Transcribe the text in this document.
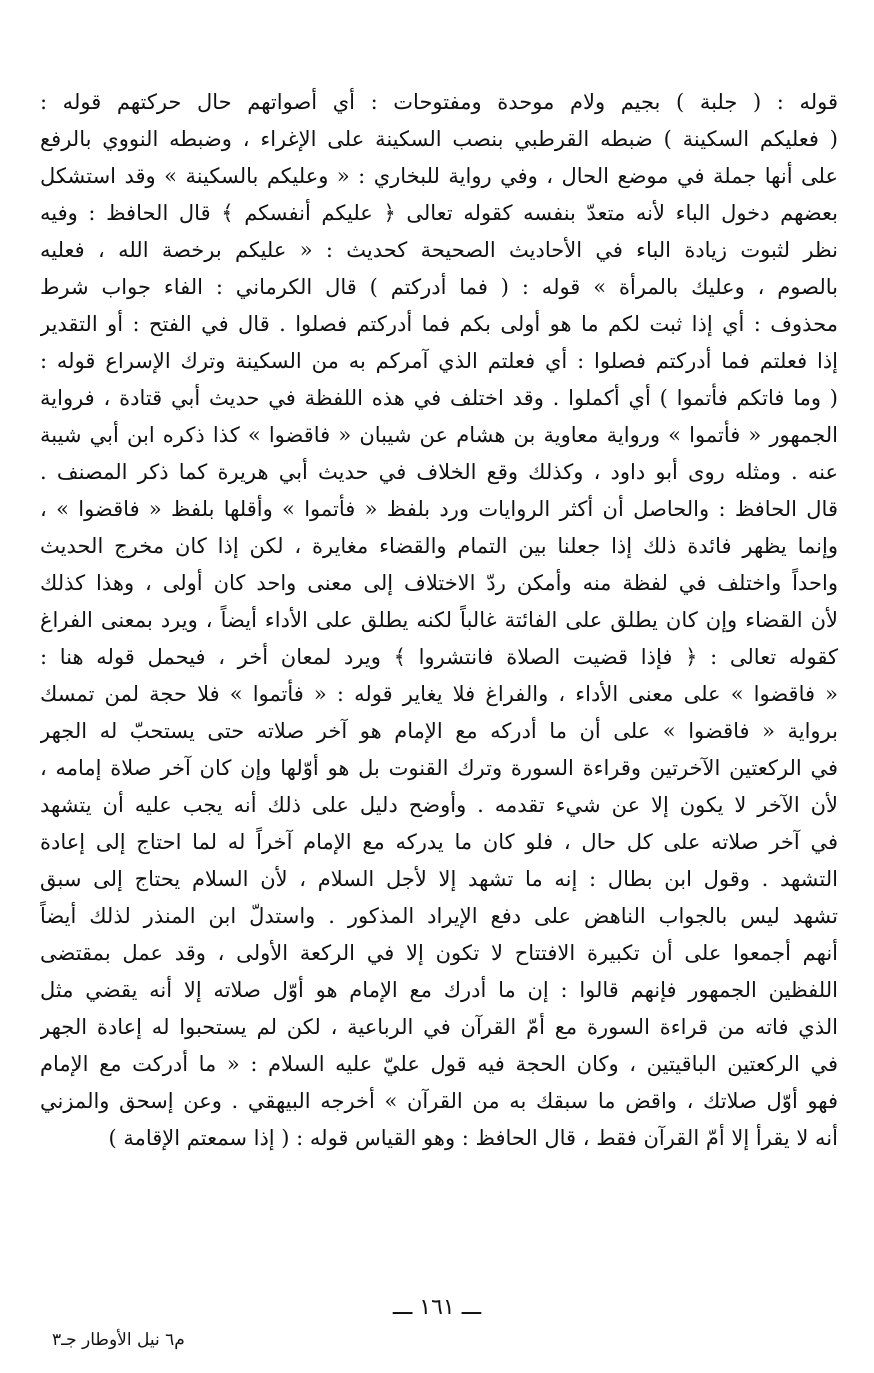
قوله : ( جلبة ) بجيم ولام موحدة ومفتوحات : أي أصواتهم حال حركتهم قوله :
( فعليكم السكينة ) ضبطه القرطبي بنصب السكينة على الإغراء ، وضبطه النووي بالرفع
على أنها جملة في موضع الحال ، وفي رواية للبخاري : « وعليكم بالسكينة » وقد استشكل
بعضهم دخول الباء لأنه متعدّ بنفسه كقوله تعالى ﴿ عليكم أنفسكم ﴾ قال الحافظ : وفيه
نظر لثبوت زيادة الباء في الأحاديث الصحيحة كحديث : « عليكم برخصة الله ، فعليه
بالصوم ، وعليك بالمرأة » قوله : ( فما أدركتم ) قال الكرماني : الفاء جواب شرط
محذوف : أي إذا ثبت لكم ما هو أولى بكم فما أدركتم فصلوا . قال في الفتح : أو التقدير
إذا فعلتم فما أدركتم فصلوا : أي فعلتم الذي آمركم به من السكينة وترك الإسراع قوله :
( وما فاتكم فأتموا ) أي أكملوا . وقد اختلف في هذه اللفظة في حديث أبي قتادة ، فرواية
الجمهور « فأتموا » ورواية معاوية بن هشام عن شيبان « فاقضوا » كذا ذكره ابن أبي شيبة
عنه . ومثله روى أبو داود ، وكذلك وقع الخلاف في حديث أبي هريرة كما ذكر المصنف .
قال الحافظ : والحاصل أن أكثر الروايات ورد بلفظ « فأتموا » وأقلها بلفظ « فاقضوا » ،
وإنما يظهر فائدة ذلك إذا جعلنا بين التمام والقضاء مغايرة ، لكن إذا كان مخرج الحديث
واحداً واختلف في لفظة منه وأمكن ردّ الاختلاف إلى معنى واحد كان أولى ، وهذا كذلك
لأن القضاء وإن كان يطلق على الفائتة غالباً لكنه يطلق على الأداء أيضاً ، ويرد بمعنى الفراغ
كقوله تعالى : ﴿ فإذا قضيت الصلاة فانتشروا ﴾ ويرد لمعان أخر ، فيحمل قوله هنا :
« فاقضوا » على معنى الأداء ، والفراغ فلا يغاير قوله : « فأتموا » فلا حجة لمن تمسك
برواية « فاقضوا » على أن ما أدركه مع الإمام هو آخر صلاته حتى يستحبّ له الجهر
في الركعتين الآخرتين وقراءة السورة وترك القنوت بل هو أوّلها وإن كان آخر صلاة إمامه ،
لأن الآخر لا يكون إلا عن شيء تقدمه . وأوضح دليل على ذلك أنه يجب عليه أن يتشهد
في آخر صلاته على كل حال ، فلو كان ما يدركه مع الإمام آخراً له لما احتاج إلى إعادة
التشهد . وقول ابن بطال : إنه ما تشهد إلا لأجل السلام ، لأن السلام يحتاج إلى سبق
تشهد ليس بالجواب الناهض على دفع الإيراد المذكور . واستدلّ ابن المنذر لذلك أيضاً
أنهم أجمعوا على أن تكبيرة الافتتاح لا تكون إلا في الركعة الأولى ، وقد عمل بمقتضى
اللفظين الجمهور فإنهم قالوا : إن ما أدرك مع الإمام هو أوّل صلاته إلا أنه يقضي مثل
الذي فاته من قراءة السورة مع أمّ القرآن في الرباعية ، لكن لم يستحبوا له إعادة الجهر
في الركعتين الباقيتين ، وكان الحجة فيه قول عليّ عليه السلام : « ما أدركت مع الإمام
فهو أوّل صلاتك ، واقض ما سبقك به من القرآن » أخرجه البيهقي . وعن إسحق والمزني
أنه لا يقرأ إلا أمّ القرآن فقط ، قال الحافظ : وهو القياس قوله : ( إذا سمعتم الإقامة )
ـــ ١٦١ ـــ
م٦ نيل الأوطار جـ٣
